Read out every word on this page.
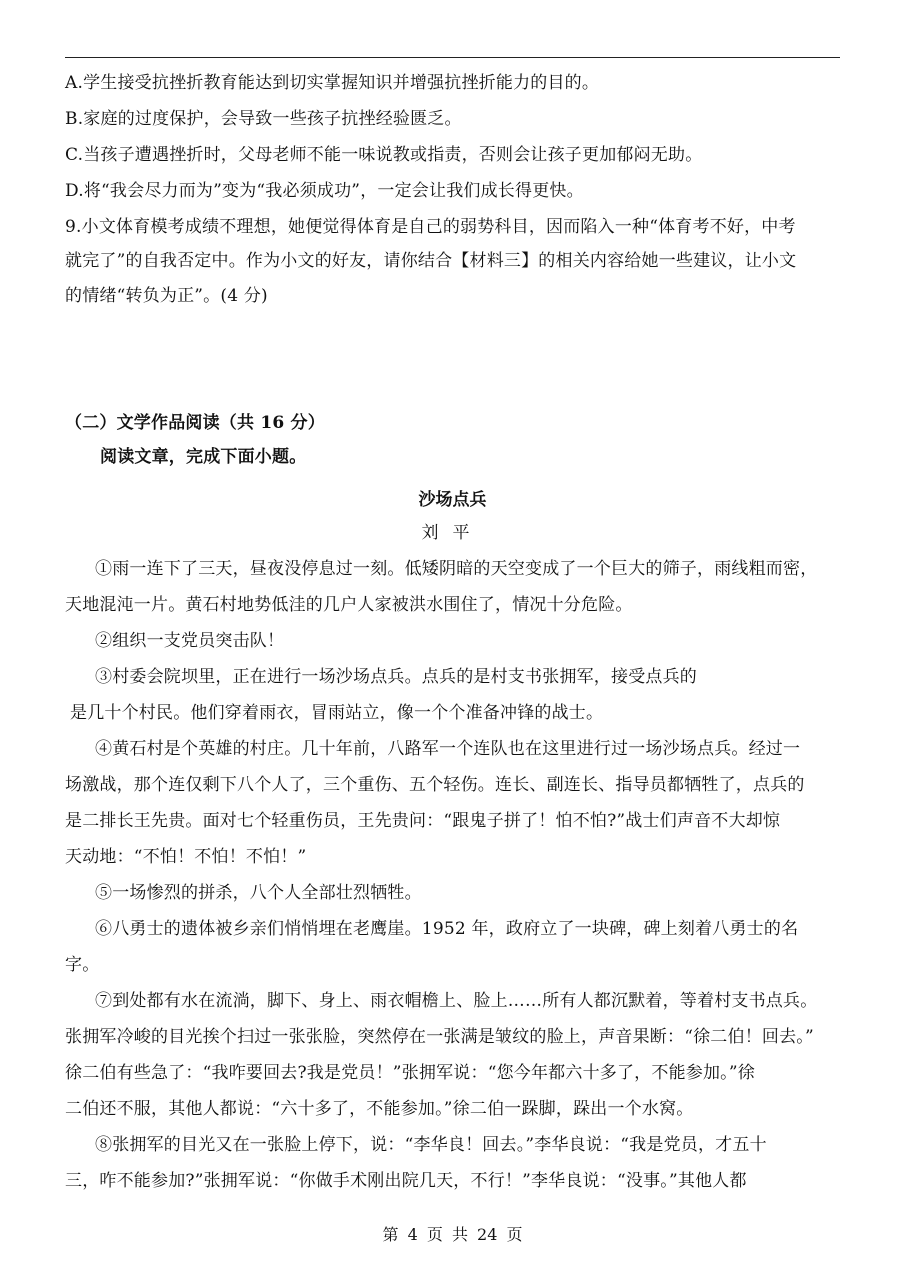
A.学生接受抗挫折教育能达到切实掌握知识并增强抗挫折能力的目的。
B.家庭的过度保护，会导致一些孩子抗挫经验匮乏。
C.当孩子遭遇挫折时，父母老师不能一味说教或指责，否则会让孩子更加郁闷无助。
D.将“我会尽力而为”变为“我必须成功”，一定会让我们成长得更快。
9.小文体育模考成绩不理想，她便觉得体育是自己的弱势科目，因而陷入一种“体育考不好，中考
就完了”的自我否定中。作为小文的好友，请你结合【材料三】的相关内容给她一些建议，让小文
的情绪“转负为正”。(4 分)
（二）文学作品阅读（共 16 分）
阅读文章，完成下面小题。
沙场点兵
刘平
①雨一连下了三天，昼夜没停息过一刻。低矮阴暗的天空变成了一个巨大的筛子，雨线粗而密，
天地混沌一片。黄石村地势低洼的几户人家被洪水围住了，情况十分危险。
②组织一支党员突击队！
③村委会院坝里，正在进行一场沙场点兵。点兵的是村支书张拥军，接受点兵的
是几十个村民。他们穿着雨衣，冒雨站立，像一个个准备冲锋的战士。
④黄石村是个英雄的村庄。几十年前，八路军一个连队也在这里进行过一场沙场点兵。经过一
场激战，那个连仅剩下八个人了，三个重伤、五个轻伤。连长、副连长、指导员都牺牲了，点兵的
是二排长王先贵。面对七个轻重伤员，王先贵问：“跟鬼子拼了！怕不怕?”战士们声音不大却惊
天动地：“不怕！不怕！不怕！”
⑤一场惨烈的拼杀，八个人全部壮烈牺牲。
⑥八勇士的遗体被乡亲们悄悄埋在老鹰崖。1952 年，政府立了一块碑，碑上刻着八勇士的名
字。
⑦到处都有水在流淌，脚下、身上、雨衣帽檐上、脸上……所有人都沉默着，等着村支书点兵。
张拥军冷峻的目光挨个扫过一张张脸，突然停在一张满是皱纹的脸上，声音果断：“徐二伯！回去。”
徐二伯有些急了：“我咋要回去?我是党员！”张拥军说：“您今年都六十多了，不能参加。”徐
二伯还不服，其他人都说：“六十多了，不能参加。”徐二伯一跺脚，跺出一个水窝。
⑧张拥军的目光又在一张脸上停下，说：“李华良！回去。”李华良说：“我是党员，才五十
三，咋不能参加?”张拥军说：“你做手术刚出院几天，不行！”李华良说：“没事。”其他人都
第 4 页 共 24 页
